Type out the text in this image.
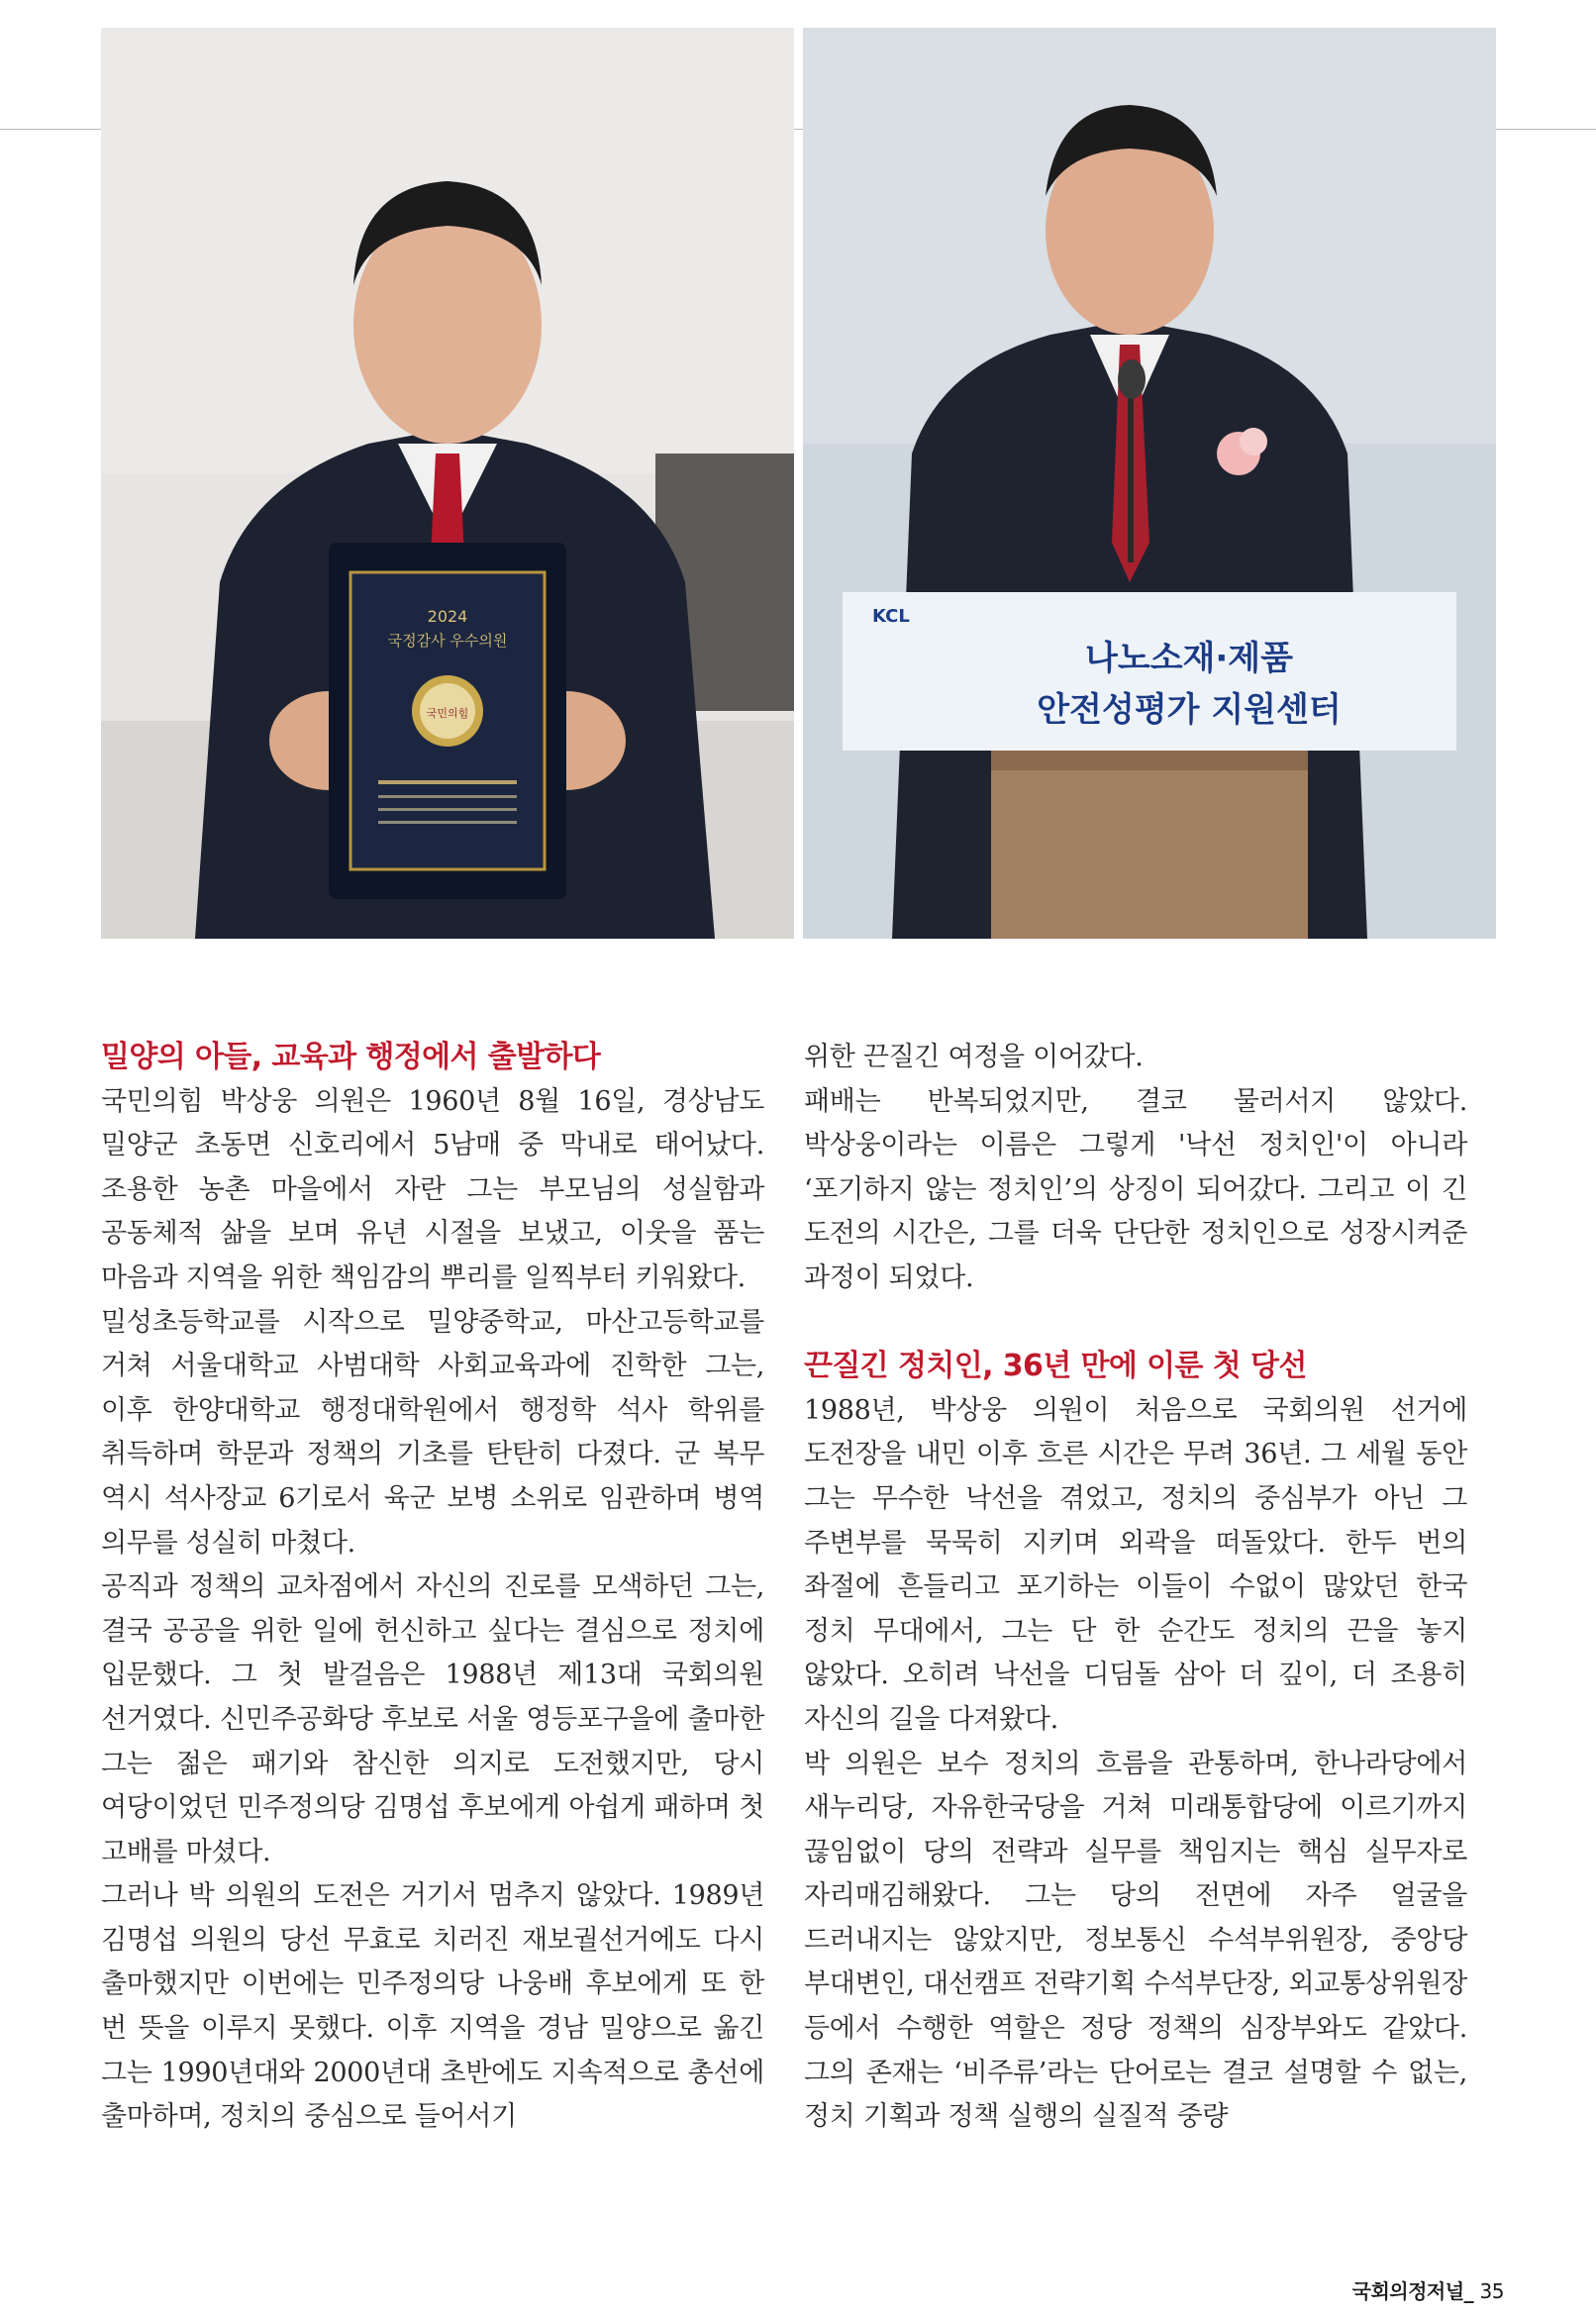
2024
국정감사 우수의원
국민의힘
KCL
나노소재·제품
안전성평가 지원센터
밀양의 아들, 교육과 행정에서 출발하다

국민의힘 박상웅 의원은 1960년 8월 16일, 경상남도 밀양군 초동면 신호리에서 5남매 중 막내로 태어났다. 조용한 농촌 마을에서 자란 그는 부모님의 성실함과 공동체적 삶을 보며 유년 시절을 보냈고, 이웃을 품는 마음과 지역을 위한 책임감의 뿌리를 일찍부터 키워왔다.

밀성초등학교를 시작으로 밀양중학교, 마산고등학교를 거쳐 서울대학교 사범대학 사회교육과에 진학한 그는, 이후 한양대학교 행정대학원에서 행정학 석사 학위를 취득하며 학문과 정책의 기초를 탄탄히 다졌다. 군 복무 역시 석사장교 6기로서 육군 보병 소위로 임관하며 병역 의무를 성실히 마쳤다.

공직과 정책의 교차점에서 자신의 진로를 모색하던 그는, 결국 공공을 위한 일에 헌신하고 싶다는 결심으로 정치에 입문했다. 그 첫 발걸음은 1988년 제13대 국회의원 선거였다. 신민주공화당 후보로 서울 영등포구을에 출마한 그는 젊은 패기와 참신한 의지로 도전했지만, 당시 여당이었던 민주정의당 김명섭 후보에게 아쉽게 패하며 첫 고배를 마셨다.

그러나 박 의원의 도전은 거기서 멈추지 않았다. 1989년 김명섭 의원의 당선 무효로 치러진 재보궐선거에도 다시 출마했지만 이번에는 민주정의당 나웅배 후보에게 또 한 번 뜻을 이루지 못했다. 이후 지역을 경남 밀양으로 옮긴 그는 1990년대와 2000년대 초반에도 지속적으로 총선에 출마하며, 정치의 중심으로 들어서기

위한 끈질긴 여정을 이어갔다.

패배는 반복되었지만, 결코 물러서지 않았다. 박상웅이라는 이름은 그렇게 '낙선 정치인'이 아니라 ‘포기하지 않는 정치인’의 상징이 되어갔다. 그리고 이 긴 도전의 시간은, 그를 더욱 단단한 정치인으로 성장시켜준 과정이 되었다.

끈질긴 정치인, 36년 만에 이룬 첫 당선

1988년, 박상웅 의원이 처음으로 국회의원 선거에 도전장을 내민 이후 흐른 시간은 무려 36년. 그 세월 동안 그는 무수한 낙선을 겪었고, 정치의 중심부가 아닌 그 주변부를 묵묵히 지키며 외곽을 떠돌았다. 한두 번의 좌절에 흔들리고 포기하는 이들이 수없이 많았던 한국 정치 무대에서, 그는 단 한 순간도 정치의 끈을 놓지 않았다. 오히려 낙선을 디딤돌 삼아 더 깊이, 더 조용히 자신의 길을 다져왔다.

박 의원은 보수 정치의 흐름을 관통하며, 한나라당에서 새누리당, 자유한국당을 거쳐 미래통합당에 이르기까지 끊임없이 당의 전략과 실무를 책임지는 핵심 실무자로 자리매김해왔다. 그는 당의 전면에 자주 얼굴을 드러내지는 않았지만, 정보통신 수석부위원장, 중앙당 부대변인, 대선캠프 전략기획 수석부단장, 외교통상위원장 등에서 수행한 역할은 정당 정책의 심장부와도 같았다. 그의 존재는 ‘비주류’라는 단어로는 결코 설명할 수 없는, 정치 기획과 정책 실행의 실질적 중량

국회의정저널_ 35
